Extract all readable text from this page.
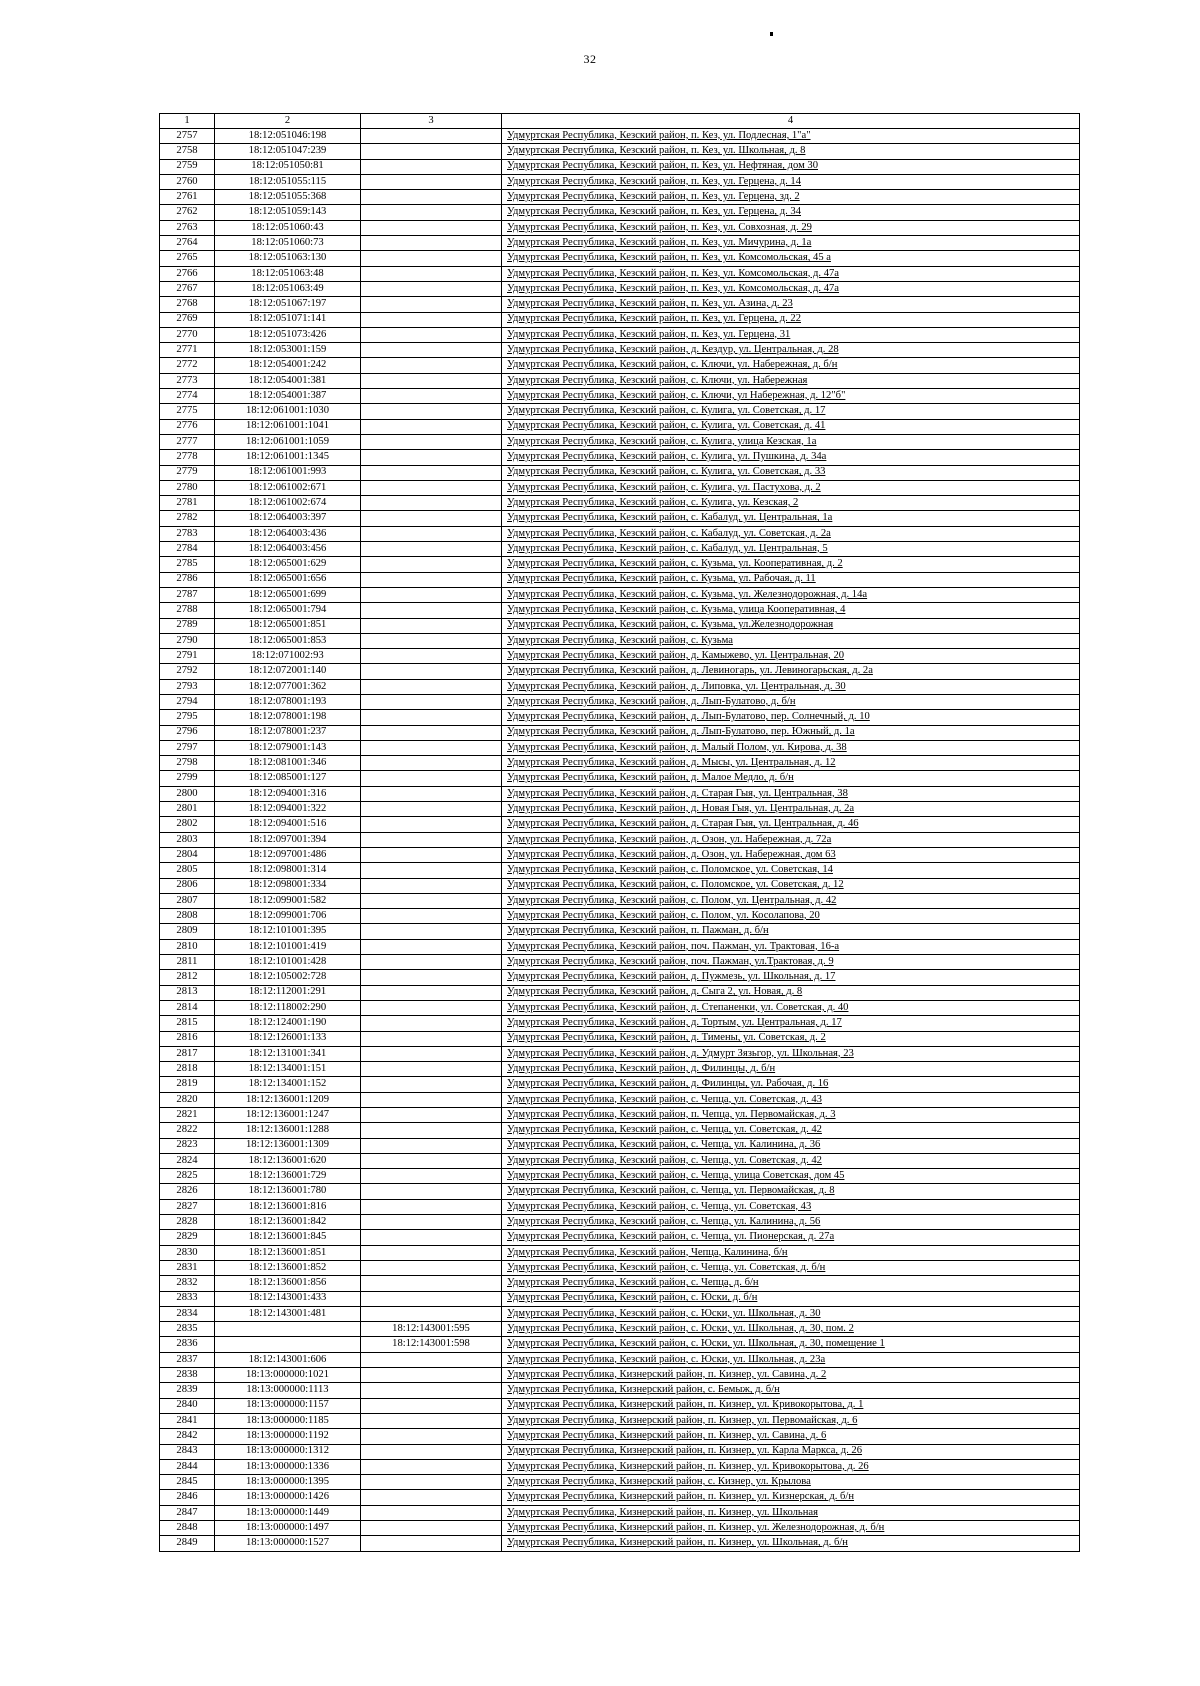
32
1	2	3	4
2757	18:12:051046:198		Удмуртская Республика, Кезский район, п. Кез, ул. Подлесная, 1"а"
2758	18:12:051047:239		Удмуртская Республика, Кезский район, п. Кез, ул. Школьная, д. 8
2759	18:12:051050:81		Удмуртская Республика, Кезский район, п. Кез, ул. Нефтяная, дом 30
2760	18:12:051055:115		Удмуртская Республика, Кезский район, п. Кез, ул. Герцена, д. 14
2761	18:12:051055:368		Удмуртская Республика, Кезский район, п. Кез, ул. Герцена, зд. 2
2762	18:12:051059:143		Удмуртская Республика, Кезский район, п. Кез, ул. Герцена, д. 34
2763	18:12:051060:43		Удмуртская Республика, Кезский район, п. Кез, ул. Совхозная, д. 29
2764	18:12:051060:73		Удмуртская Республика, Кезский район, п. Кез, ул. Мичурина, д. 1а
2765	18:12:051063:130		Удмуртская Республика, Кезский район, п. Кез, ул. Комсомольская, 45 а
2766	18:12:051063:48		Удмуртская Республика, Кезский район, п. Кез, ул. Комсомольская, д. 47а
2767	18:12:051063:49		Удмуртская Республика, Кезский район, п. Кез, ул. Комсомольская, д. 47а
2768	18:12:051067:197		Удмуртская Республика, Кезский район, п. Кез, ул. Азина, д. 23
2769	18:12:051071:141		Удмуртская Республика, Кезский район, п. Кез, ул. Герцена, д. 22
2770	18:12:051073:426		Удмуртская Республика, Кезский район, п. Кез, ул. Герцена, 31
2771	18:12:053001:159		Удмуртская Республика, Кезский район, д. Кездур, ул. Центральная, д. 28
2772	18:12:054001:242		Удмуртская Республика, Кезский район, с. Ключи, ул. Набережная, д. б/н
2773	18:12:054001:381		Удмуртская Республика, Кезский район, с. Ключи, ул. Набережная
2774	18:12:054001:387		Удмуртская Республика, Кезский район, с. Ключи, ул Набережная, д. 12"б"
2775	18:12:061001:1030		Удмуртская Республика, Кезский район, с. Кулига, ул. Советская, д. 17
2776	18:12:061001:1041		Удмуртская Республика, Кезский район, с. Кулига, ул. Советская, д. 41
2777	18:12:061001:1059		Удмуртская Республика, Кезский район, с. Кулига, улица Кезская, 1а
2778	18:12:061001:1345		Удмуртская Республика, Кезский район, с. Кулига, ул. Пушкина, д. 34а
2779	18:12:061001:993		Удмуртская Республика, Кезский район, с. Кулига, ул. Советская, д. 33
2780	18:12:061002:671		Удмуртская Республика, Кезский район, с. Кулига, ул. Пастухова, д. 2
2781	18:12:061002:674		Удмуртская Республика, Кезский район, с. Кулига, ул. Кезская, 2
2782	18:12:064003:397		Удмуртская Республика, Кезский район, с. Кабалуд, ул. Центральная, 1а
2783	18:12:064003:436		Удмуртская Республика, Кезский район, с. Кабалуд, ул. Советская, д. 2а
2784	18:12:064003:456		Удмуртская Республика, Кезский район, с. Кабалуд, ул. Центральная, 5
2785	18:12:065001:629		Удмуртская Республика, Кезский район, с. Кузьма, ул. Кооперативная, д. 2
2786	18:12:065001:656		Удмуртская Республика, Кезский район, с. Кузьма, ул. Рабочая, д. 11
2787	18:12:065001:699		Удмуртская Республика, Кезский район, с. Кузьма, ул. Железнодорожная, д. 14а
2788	18:12:065001:794		Удмуртская Республика, Кезский район, с. Кузьма, улица Кооперативная, 4
2789	18:12:065001:851		Удмуртская Республика, Кезский район, с. Кузьма, ул.Железнодорожная
2790	18:12:065001:853		Удмуртская Республика, Кезский район, с. Кузьма
2791	18:12:071002:93		Удмуртская Республика, Кезский район, д. Камыжево, ул. Центральная, 20
2792	18:12:072001:140		Удмуртская Республика, Кезский район, д. Левиногарь, ул. Левиногарьская, д. 2а
2793	18:12:077001:362		Удмуртская Республика, Кезский район, д. Липовка, ул. Центральная, д. 30
2794	18:12:078001:193		Удмуртская Республика, Кезский район, д. Лып-Булатово, д. б/н
2795	18:12:078001:198		Удмуртская Республика, Кезский район, д. Лып-Булатово, пер. Солнечный, д. 10
2796	18:12:078001:237		Удмуртская Республика, Кезский район, д. Лып-Булатово, пер. Южный, д. 1а
2797	18:12:079001:143		Удмуртская Республика, Кезский район, д. Малый Полом, ул. Кирова, д. 38
2798	18:12:081001:346		Удмуртская Республика, Кезский район, д. Мысы, ул. Центральная, д. 12
2799	18:12:085001:127		Удмуртская Республика, Кезский район, д. Малое Медло, д. б/н
2800	18:12:094001:316		Удмуртская Республика, Кезский район, д. Старая Гыя, ул. Центральная, 38
2801	18:12:094001:322		Удмуртская Республика, Кезский район, д. Новая Гыя, ул. Центральная, д. 2а
2802	18:12:094001:516		Удмуртская Республика, Кезский район, д. Старая Гыя, ул. Центральная, д. 46
2803	18:12:097001:394		Удмуртская Республика, Кезский район, д. Озон, ул. Набережная, д. 72а
2804	18:12:097001:486		Удмуртская Республика, Кезский район, д. Озон, ул. Набережная, дом 63
2805	18:12:098001:314		Удмуртская Республика, Кезский район, с. Поломское, ул. Советская, 14
2806	18:12:098001:334		Удмуртская Республика, Кезский район, с. Поломское, ул. Советская, д. 12
2807	18:12:099001:582		Удмуртская Республика, Кезский район, с. Полом, ул. Центральная, д. 42
2808	18:12:099001:706		Удмуртская Республика, Кезский район, с. Полом, ул. Косолапова, 20
2809	18:12:101001:395		Удмуртская Республика, Кезский район, п. Пажман, д. б/н
2810	18:12:101001:419		Удмуртская Республика, Кезский район, поч. Пажман, ул. Трактовая, 16-а
2811	18:12:101001:428		Удмуртская Республика, Кезский район, поч. Пажман, ул.Трактовая, д. 9
2812	18:12:105002:728		Удмуртская Республика, Кезский район, д. Пужмезь, ул. Школьная, д. 17
2813	18:12:112001:291		Удмуртская Республика, Кезский район, д. Сыга 2, ул. Новая, д. 8
2814	18:12:118002:290		Удмуртская Республика, Кезский район, д. Степаненки, ул. Советская, д. 40
2815	18:12:124001:190		Удмуртская Республика, Кезский район, д. Тортым, ул. Центральная, д. 17
2816	18:12:126001:133		Удмуртская Республика, Кезский район, д. Тимены, ул. Советская, д. 2
2817	18:12:131001:341		Удмуртская Республика, Кезский район, д. Удмурт Зязьгор, ул. Школьная, 23
2818	18:12:134001:151		Удмуртская Республика, Кезский район, д. Филинцы, д. б/н
2819	18:12:134001:152		Удмуртская Республика, Кезский район, д. Филинцы, ул. Рабочая, д. 16
2820	18:12:136001:1209		Удмуртская Республика, Кезский район, с. Чепца, ул. Советская, д. 43
2821	18:12:136001:1247		Удмуртская Республика, Кезский район, п. Чепца, ул. Первомайская, д. 3
2822	18:12:136001:1288		Удмуртская Республика, Кезский район, с. Чепца, ул. Советская, д. 42
2823	18:12:136001:1309		Удмуртская Республика, Кезский район, с. Чепца, ул. Калинина, д. 36
2824	18:12:136001:620		Удмуртская Республика, Кезский район, с. Чепца, ул. Советская, д. 42
2825	18:12:136001:729		Удмуртская Республика, Кезский район, с. Чепца, улица Советская, дом 45
2826	18:12:136001:780		Удмуртская Республика, Кезский район, с. Чепца, ул. Первомайская, д. 8
2827	18:12:136001:816		Удмуртская Республика, Кезский район, с. Чепца, ул. Советская, 43
2828	18:12:136001:842		Удмуртская Республика, Кезский район, с. Чепца, ул. Калинина, д. 56
2829	18:12:136001:845		Удмуртская Республика, Кезский район, с. Чепца, ул. Пионерская, д. 27а
2830	18:12:136001:851		Удмуртская Республика, Кезский район, Чепца, Калинина, б/н
2831	18:12:136001:852		Удмуртская Республика, Кезский район, с. Чепца, ул. Советская, д. б/н
2832	18:12:136001:856		Удмуртская Республика, Кезский район, с. Чепца, д. б/н
2833	18:12:143001:433		Удмуртская Республика, Кезский район, с. Юски, д. б/н
2834	18:12:143001:481		Удмуртская Республика, Кезский район, с. Юски, ул. Школьная, д. 30
2835		18:12:143001:595	Удмуртская Республика, Кезский район, с. Юски, ул. Школьная, д. 30, пом. 2
2836		18:12:143001:598	Удмуртская Республика, Кезский район, с. Юски, ул. Школьная, д. 30, помещение 1
2837	18:12:143001:606		Удмуртская Республика, Кезский район, с. Юски, ул. Школьная, д. 23а
2838	18:13:000000:1021		Удмуртская Республика, Кизнерский район, п. Кизнер, ул. Савина, д. 2
2839	18:13:000000:1113		Удмуртская Республика, Кизнерский район, с. Бемыж, д. б/н
2840	18:13:000000:1157		Удмуртская Республика, Кизнерский район, п. Кизнер, ул. Кривокорытова, д. 1
2841	18:13:000000:1185		Удмуртская Республика, Кизнерский район, п. Кизнер, ул. Первомайская, д. 6
2842	18:13:000000:1192		Удмуртская Республика, Кизнерский район, п. Кизнер, ул. Савина, д. 6
2843	18:13:000000:1312		Удмуртская Республика, Кизнерский район, п. Кизнер, ул. Карла Маркса, д. 26
2844	18:13:000000:1336		Удмуртская Республика, Кизнерский район, п. Кизнер, ул. Кривокорытова, д. 26
2845	18:13:000000:1395		Удмуртская Республика, Кизнерский район, с. Кизнер, ул. Крылова
2846	18:13:000000:1426		Удмуртская Республика, Кизнерский район, п. Кизнер, ул. Кизнерская, д. б/н
2847	18:13:000000:1449		Удмуртская Республика, Кизнерский район, п. Кизнер, ул. Школьная
2848	18:13:000000:1497		Удмуртская Республика, Кизнерский район, п. Кизнер, ул. Железнодорожная, д. б/н
2849	18:13:000000:1527		Удмуртская Республика, Кизнерский район, п. Кизнер, ул. Школьная, д. б/н
